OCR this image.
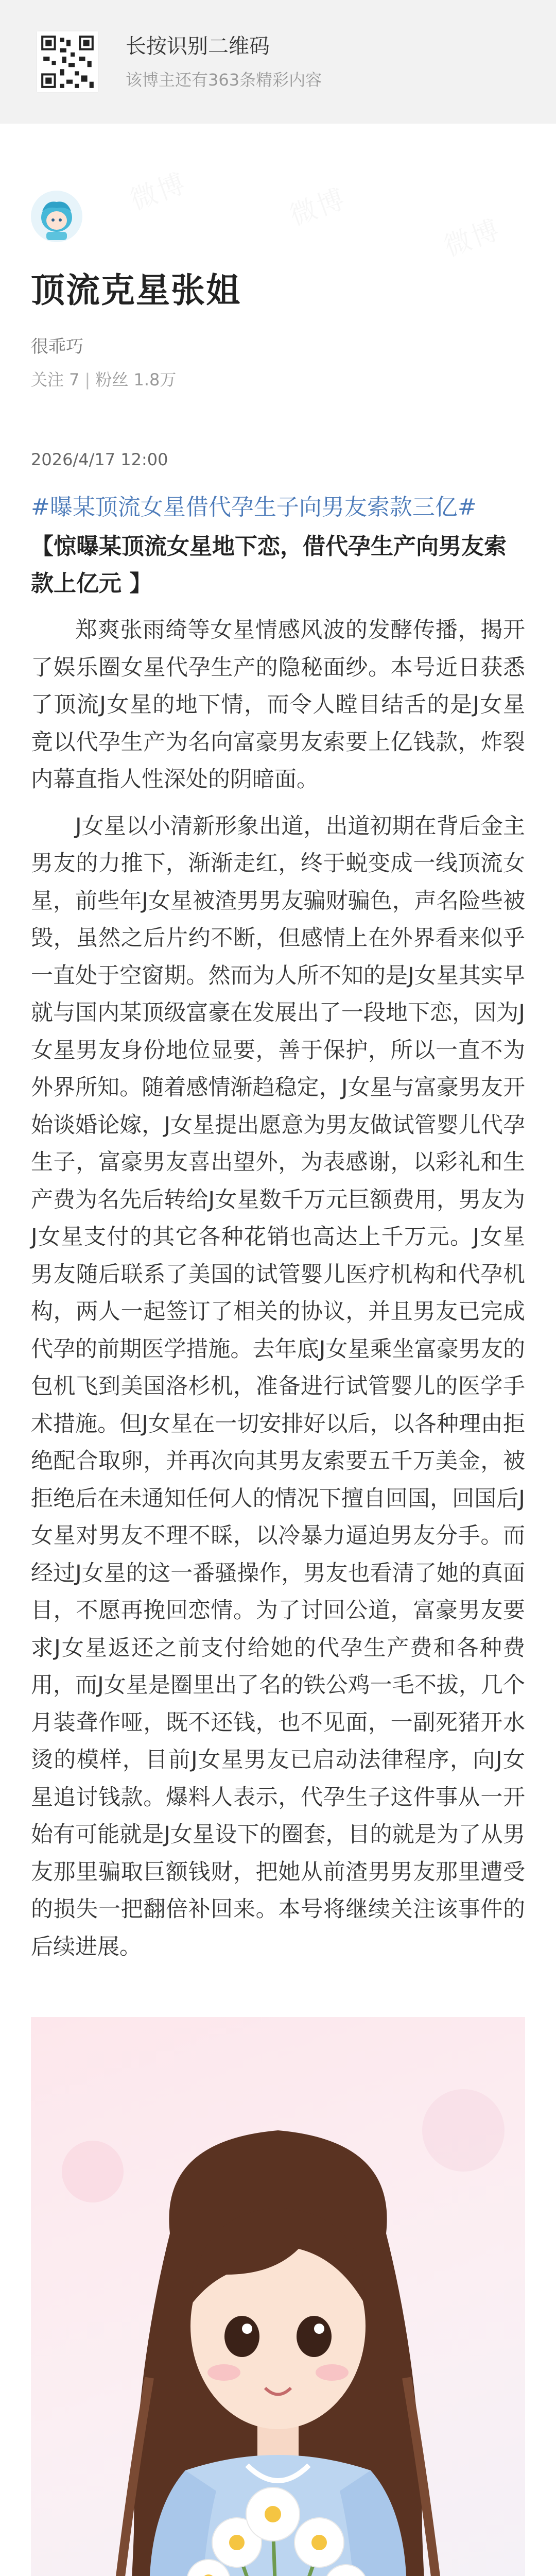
长按识别二维码
该博主还有363条精彩内容
顶流克星张姐
很乖巧
关注 7 | 粉丝 1.8万
2026/4/17 12:00
#曝某顶流女星借代孕生子向男友索款三亿#
【惊曝某顶流女星地下恋，借代孕生产向男友索款上亿元 】

郑爽张雨绮等女星情感风波的发酵传播，揭开了娱乐圈女星代孕生产的隐秘面纱。本号近日获悉了顶流J女星的地下情，而令人瞠目结舌的是J女星竟以代孕生产为名向富豪男友索要上亿钱款，炸裂内幕直指人性深处的阴暗面。

J女星以小清新形象出道，出道初期在背后金主男友的力推下，渐渐走红，终于蜕变成一线顶流女星，前些年J女星被渣男男友骗财骗色，声名险些被毁，虽然之后片约不断，但感情上在外界看来似乎一直处于空窗期。然而为人所不知的是J女星其实早就与国内某顶级富豪在发展出了一段地下恋，因为J女星男友身份地位显要，善于保护，所以一直不为外界所知。随着感情渐趋稳定，J女星与富豪男友开始谈婚论嫁，J女星提出愿意为男友做试管婴儿代孕生子，富豪男友喜出望外，为表感谢，以彩礼和生产费为名先后转给J女星数千万元巨额费用，男友为J女星支付的其它各种花销也高达上千万元。J女星男友随后联系了美国的试管婴儿医疗机构和代孕机构，两人一起签订了相关的协议，并且男友已完成代孕的前期医学措施。去年底J女星乘坐富豪男友的包机飞到美国洛杉机，准备进行试管婴儿的医学手术措施。但J女星在一切安排好以后，以各种理由拒绝配合取卵，并再次向其男友索要五千万美金，被拒绝后在未通知任何人的情况下擅自回国，回国后J女星对男友不理不睬，以冷暴力逼迫男友分手。而经过J女星的这一番骚操作，男友也看清了她的真面目，不愿再挽回恋情。为了讨回公道，富豪男友要求J女星返还之前支付给她的代孕生产费和各种费用，而J女星是圈里出了名的铁公鸡一毛不拔，几个月装聋作哑，既不还钱，也不见面，一副死猪开水烫的模样，目前J女星男友已启动法律程序，向J女星追讨钱款。爆料人表示，代孕生子这件事从一开始有可能就是J女星设下的圈套，目的就是为了从男友那里骗取巨额钱财，把她从前渣男男友那里遭受的损失一把翻倍补回来。本号将继续关注该事件的后续进展。
